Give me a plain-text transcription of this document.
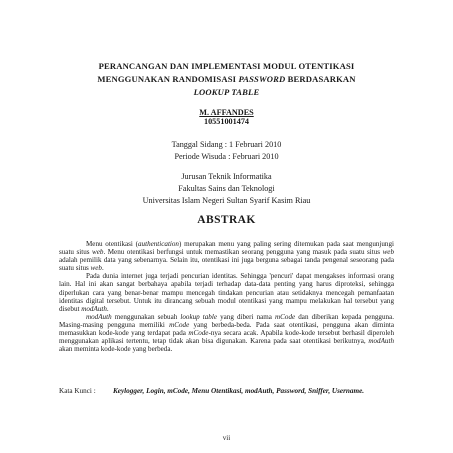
PERANCANGAN DAN IMPLEMENTASI MODUL OTENTIKASI
MENGGUNAKAN RANDOMISASI PASSWORD BERDASARKAN
LOOKUP TABLE
M. AFFANDES
10551001474
Tanggal Sidang : 1 Februari 2010
Periode Wisuda : Februari 2010
Jurusan Teknik Informatika
Fakultas Sains dan Teknologi
Universitas Islam Negeri Sultan Syarif Kasim Riau
ABSTRAK

Menu otentikasi (authentication) merupakan menu yang paling sering ditemukan pada saat mengunjungi suatu situs web. Menu otentikasi berfungsi untuk memastikan seorang pengguna yang masuk pada suatu situs web adalah pemilik data yang sebenarnya. Selain itu, otentikasi ini juga berguna sebagai tanda pengenal seseorang pada suatu situs web.

Pada dunia internet juga terjadi pencurian identitas. Sehingga 'pencuri' dapat mengakses informasi orang lain. Hal ini akan sangat berbahaya apabila terjadi terhadap data-data penting yang harus diproteksi, sehingga diperlukan cara yang benar-benar mampu mencegah tindakan pencurian atau setidaknya mencegah pemanfaatan identitas digital tersebut. Untuk itu dirancang sebuah modul otentikasi yang mampu melakukan hal tersebut yang disebut modAuth.

modAuth menggunakan sebuah lookup table yang diberi nama mCode dan diberikan kepada pengguna. Masing-masing pengguna memiliki mCode yang berbeda-beda. Pada saat otentikasi, pengguna akan diminta memasukkan kode-kode yang terdapat pada mCode-nya secara acak. Apabila kode-kode tersebut berhasil diperoleh menggunakan aplikasi tertentu, tetap tidak akan bisa digunakan. Karena pada saat otentikasi berikutnya, modAuth akan meminta kode-kode yang berbeda.

Kata Kunci : Keylogger, Login, mCode, Menu Otentikasi, modAuth, Password, Sniffer, Username.
vii
